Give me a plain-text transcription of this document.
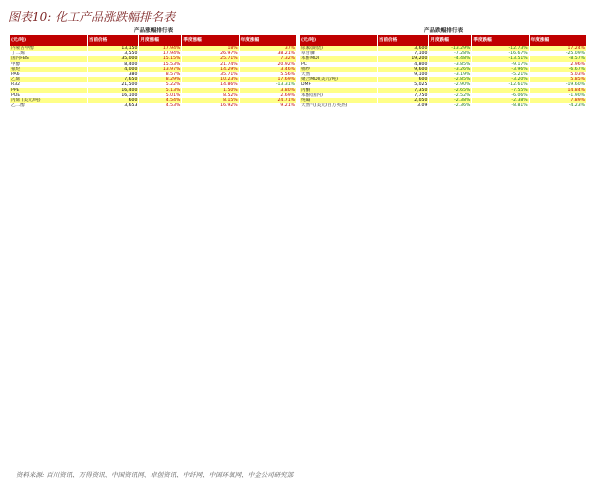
图表10: 化工产品涨跌幅排名表
产品涨幅排行表
(元/吨)	当前价格	月度涨幅	季度涨幅	年度涨幅
内蒙古甲醇	13,150	17.94%	18%	37%
丁二烯	3,550	17.94%	26.97%	38.21%
国内FBS	35,000	15.15%	25.71%	7.32%
甲醇	8,400	15.53%	21.74%	20.92%
氨纶	4,000	13.97%	14.29%	3.46%
PA6	380	8.57%	35.71%	5.56%
乙烯	7,650	8.29%	10.23%	17.69%
R32	21,500	5.22%	14.86%	-13.31%
PPE	16,400	5.13%	1.50%	3.80%
POE	16,100	5.01%	8.52%	2.69%
丙烯 (美元/吨)	600	4.54%	8.15%	24.71%
乙二醇	3,653	4.53%	16.92%	9.21%
产品跌幅排行表
(元/吨)	当前价格	月度跌幅	季度跌幅	年度涨幅
尿素(期货)	3,600	-13.29%	-12.73%	17.24%
草甘膦	7,100	-7.28%	-16.67%	-25.09%
苯酐MDI	19,200	-4.48%	-13.51%	-8.57%
PC	4,800	-3.85%	-9.17%	2.96%
棉纱	9,600	-3.26%	-3.96%	-6.67%
天然	9,100	-3.19%	-5.21%	5.03%
聚合MDI(美元/吨)	600	-2.85%	-3.20%	5.85%
DMF	5,025	-2.90%	-12.61%	-19.60%
丙酮	7,350	-2.65%	-7.55%	14.84%
苯酚(国内)	7,750	-2.52%	-6.06%	-1.90%
纯碱	2,050	-2.38%	-2.38%	7.89%
天然气(美元/百万英热)	3.09	-2.36%	-8.81%	-4.23%
资料来源: 百川资讯、万得资讯、中国资讯网、卓创资讯、中纤网、中国环氧网、中金公司研究部
